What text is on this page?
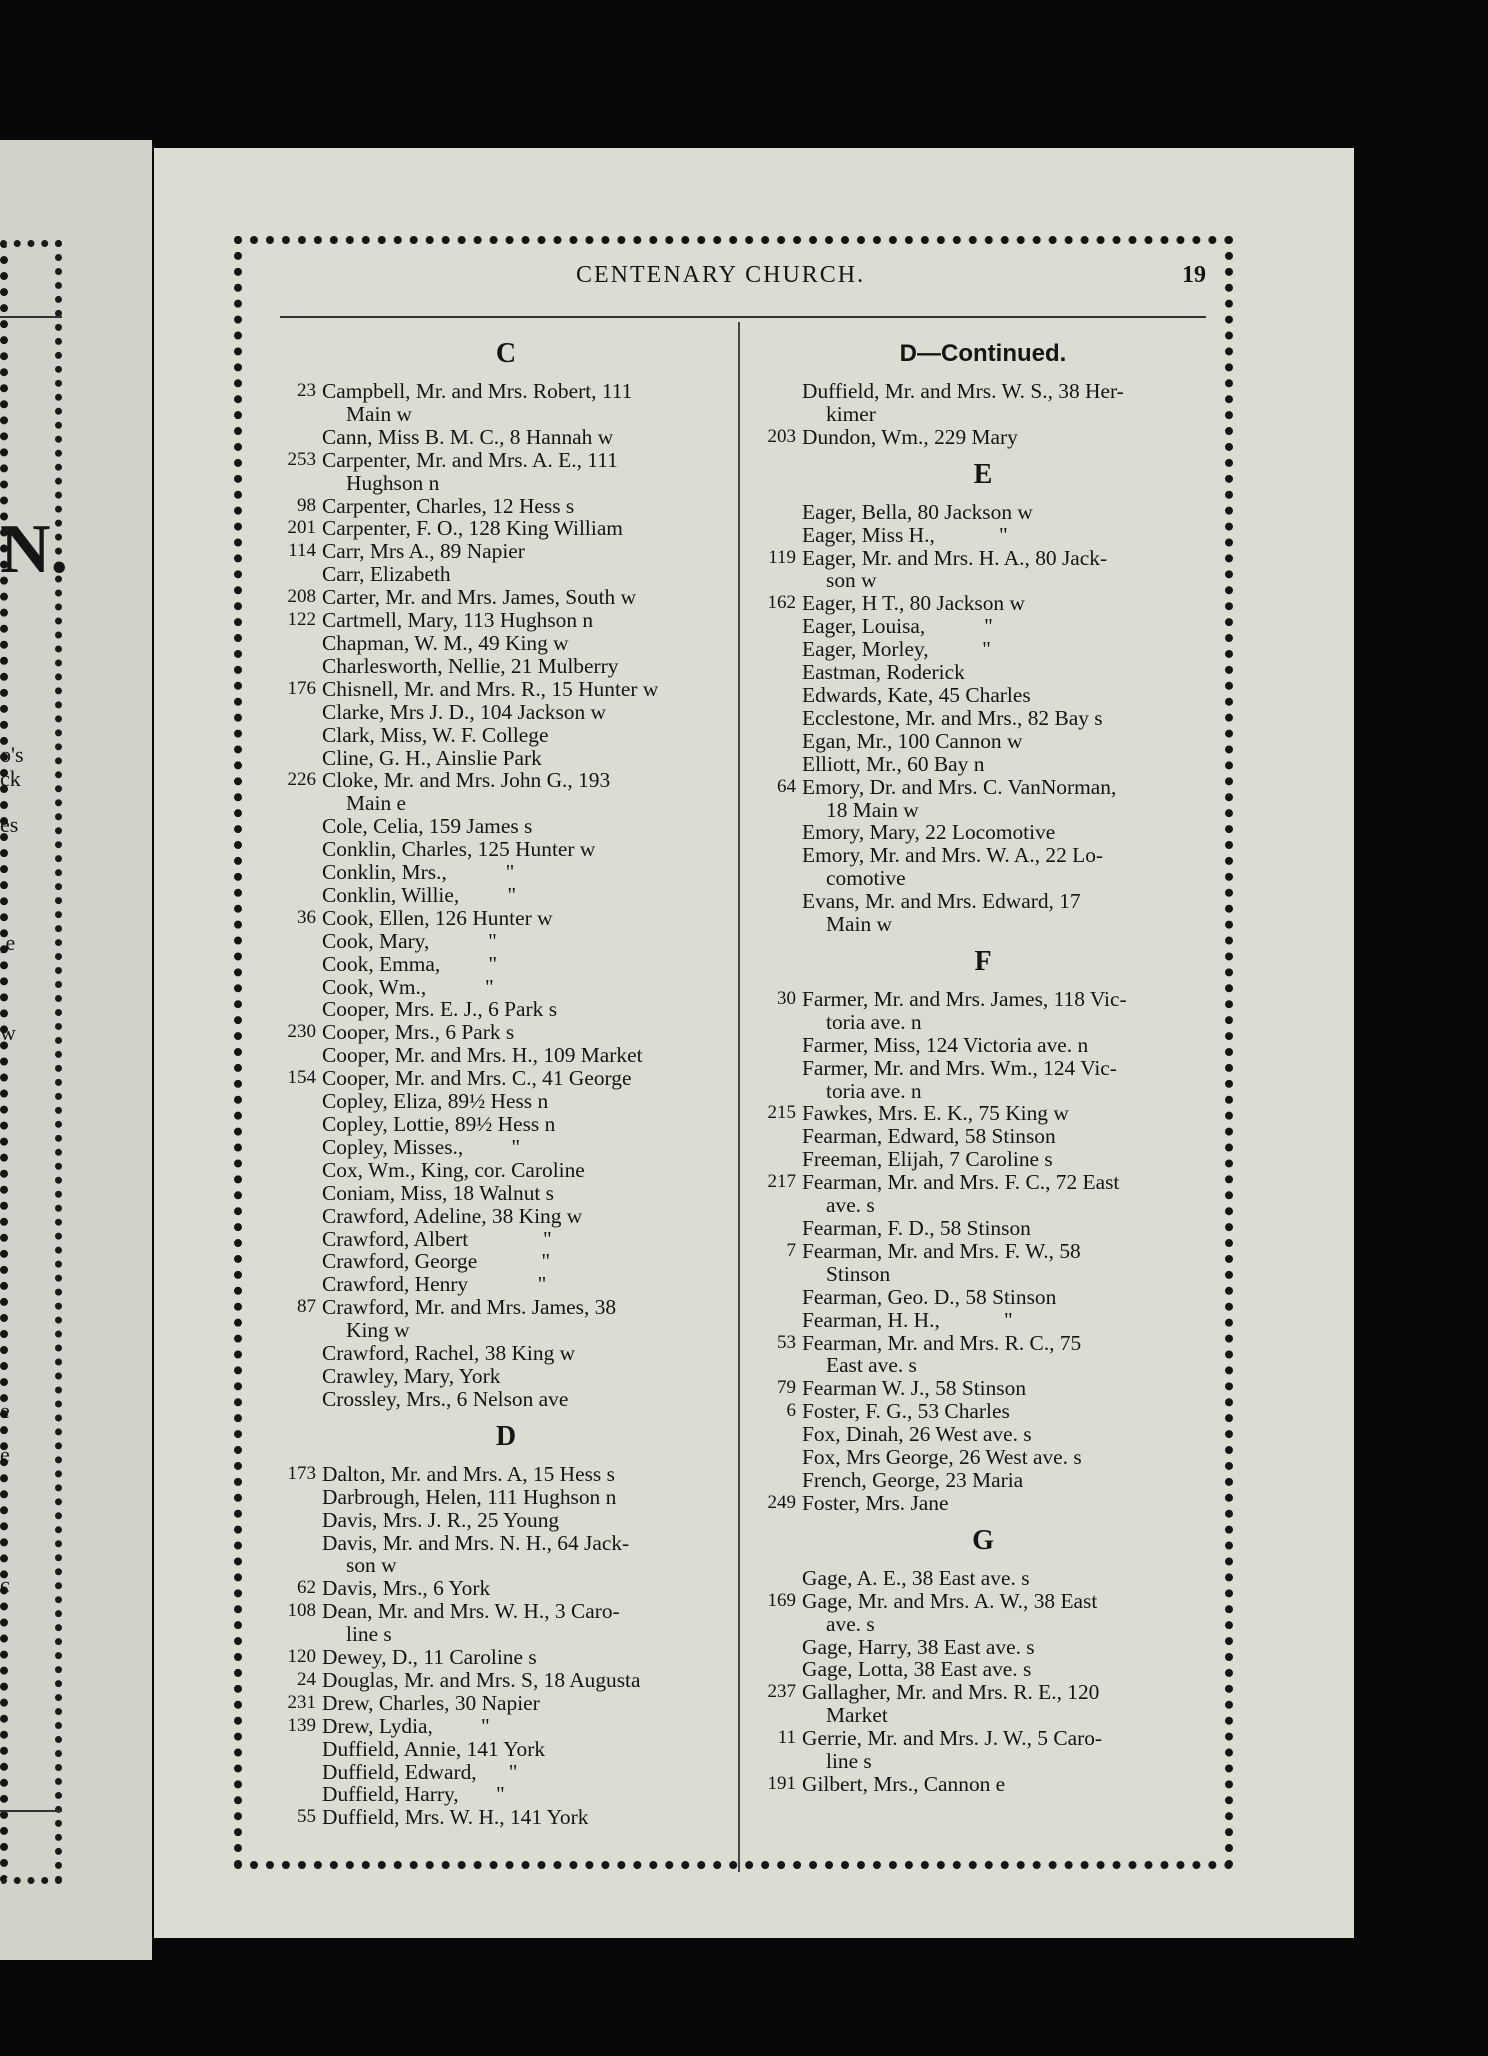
N.
o's
ck
es
,e
w
e
e
,
c
CENTENARY CHURCH.	19
C
23 Campbell, Mr. and Mrs. Robert, 111
Main w
Cann, Miss B. M. C., 8 Hannah w
253 Carpenter, Mr. and Mrs. A. E., 111
Hughson n
98 Carpenter, Charles, 12 Hess s
201 Carpenter, F. O., 128 King William
114 Carr, Mrs A., 89 Napier
Carr, Elizabeth
208 Carter, Mr. and Mrs. James, South w
122 Cartmell, Mary, 113 Hughson n
Chapman, W. M., 49 King w
Charlesworth, Nellie, 21 Mulberry
176 Chisnell, Mr. and Mrs. R., 15 Hunter w
Clarke, Mrs J. D., 104 Jackson w
Clark, Miss, W. F. College
Cline, G. H., Ainslie Park
226 Cloke, Mr. and Mrs. John G., 193
Main e
Cole, Celia, 159 James s
Conklin, Charles, 125 Hunter w
Conklin, Mrs.,           "
Conklin, Willie,         "
36 Cook, Ellen, 126 Hunter w
Cook, Mary,           "
Cook, Emma,         "
Cook, Wm.,           "
Cooper, Mrs. E. J., 6 Park s
230 Cooper, Mrs., 6 Park s
Cooper, Mr. and Mrs. H., 109 Market
154 Cooper, Mr. and Mrs. C., 41 George
Copley, Eliza, 89½ Hess n
Copley, Lottie, 89½ Hess n
Copley, Misses.,         "
Cox, Wm., King, cor. Caroline
Coniam, Miss, 18 Walnut s
Crawford, Adeline, 38 King w
Crawford, Albert              "
Crawford, George            "
Crawford, Henry             "
87 Crawford, Mr. and Mrs. James, 38
King w
Crawford, Rachel, 38 King w
Crawley, Mary, York
Crossley, Mrs., 6 Nelson ave
D
173 Dalton, Mr. and Mrs. A, 15 Hess s
Darbrough, Helen, 111 Hughson n
Davis, Mrs. J. R., 25 Young
Davis, Mr. and Mrs. N. H., 64 Jack-
son w
62 Davis, Mrs., 6 York
108 Dean, Mr. and Mrs. W. H., 3 Caro-
line s
120 Dewey, D., 11 Caroline s
24 Douglas, Mr. and Mrs. S, 18 Augusta
231 Drew, Charles, 30 Napier
139 Drew, Lydia,         "
Duffield, Annie, 141 York
Duffield, Edward,      "
Duffield, Harry,       "
55 Duffield, Mrs. W. H., 141 York
D—Continued.
Duffield, Mr. and Mrs. W. S., 38 Her-
kimer
203 Dundon, Wm., 229 Mary
E
Eager, Bella, 80 Jackson w
Eager, Miss H.,            "
119 Eager, Mr. and Mrs. H. A., 80 Jack-
son w
162 Eager, H T., 80 Jackson w
Eager, Louisa,           "
Eager, Morley,          "
Eastman, Roderick
Edwards, Kate, 45 Charles
Ecclestone, Mr. and Mrs., 82 Bay s
Egan, Mr., 100 Cannon w
Elliott, Mr., 60 Bay n
64 Emory, Dr. and Mrs. C. VanNorman,
18 Main w
Emory, Mary, 22 Locomotive
Emory, Mr. and Mrs. W. A., 22 Lo-
comotive
Evans, Mr. and Mrs. Edward, 17
Main w
F
30 Farmer, Mr. and Mrs. James, 118 Vic-
toria ave. n
Farmer, Miss, 124 Victoria ave. n
Farmer, Mr. and Mrs. Wm., 124 Vic-
toria ave. n
215 Fawkes, Mrs. E. K., 75 King w
Fearman, Edward, 58 Stinson
Freeman, Elijah, 7 Caroline s
217 Fearman, Mr. and Mrs. F. C., 72 East
ave. s
Fearman, F. D., 58 Stinson
7 Fearman, Mr. and Mrs. F. W., 58
Stinson
Fearman, Geo. D., 58 Stinson
Fearman, H. H.,            "
53 Fearman, Mr. and Mrs. R. C., 75
East ave. s
79 Fearman W. J., 58 Stinson
6 Foster, F. G., 53 Charles
Fox, Dinah, 26 West ave. s
Fox, Mrs George, 26 West ave. s
French, George, 23 Maria
249 Foster, Mrs. Jane
G
Gage, A. E., 38 East ave. s
169 Gage, Mr. and Mrs. A. W., 38 East
ave. s
Gage, Harry, 38 East ave. s
Gage, Lotta, 38 East ave. s
237 Gallagher, Mr. and Mrs. R. E., 120
Market
11 Gerrie, Mr. and Mrs. J. W., 5 Caro-
line s
191 Gilbert, Mrs., Cannon e
